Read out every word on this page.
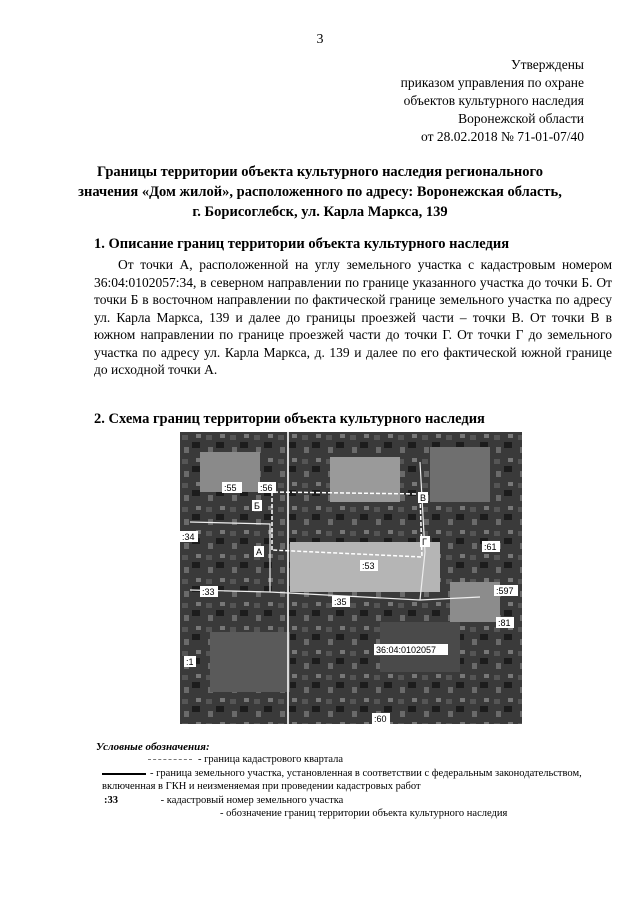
3
Утверждены
приказом управления по охране
объектов культурного наследия
Воронежской области
от 28.02.2018 № 71-01-07/40
Границы территории объекта культурного наследия регионального
значения «Дом жилой», расположенного по адресу: Воронежская область,
г. Борисоглебск, ул. Карла Маркса, 139
1. Описание границ территории объекта культурного наследия
От точки А, расположенной на углу земельного участка с кадастровым номером 36:04:0102057:34, в северном направлении по границе указанного участка до точки Б. От точки Б в восточном направлении по фактической границе земельного участка по адресу ул. Карла Маркса, 139 и далее до границы проезжей части – точки В. От точки В в южном направлении по границе проезжей части до точки Г. От точки Г до земельного участка по адресу ул. Карла Маркса, д. 139 и далее по его фактической южной границе до исходной точки А.
2. Схема границ территории объекта культурного наследия
:55	:56
:34
:33
:35
:61
:597
:81
:60
:1
:53
36:04:0102057
А
Б
В
Г
Условные обозначения:
- граница кадастрового квартала
- граница земельного участка, установленная в соответствии с федеральным законодательством, включенная в ГКН и неизменяемая при проведении кадастровых работ
:33	- кадастровый номер земельного участка
- обозначение границ территории объекта культурного наследия
